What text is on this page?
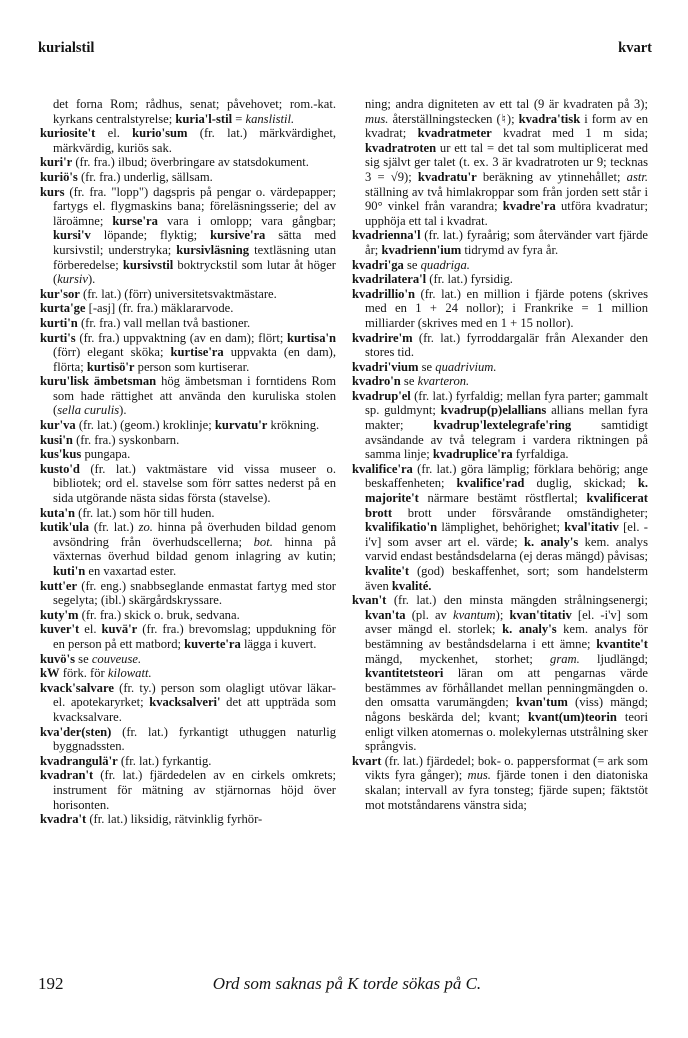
kurialstil	kvart

det forna Rom; rådhus, senat; påvehovet; rom.-kat. kyrkans centralstyrelse; kuria'l-stil = kanslistil.

kuriosite't el. kurio'sum (fr. lat.) märkvärdighet, märkvärdig, kuriös sak.

kuri'r (fr. fra.) ilbud; överbringare av statsdokument.

kuriö's (fr. fra.) underlig, sällsam.

kurs (fr. fra. "lopp") dagspris på pengar o. värdepapper; fartygs el. flygmaskins bana; föreläsningsserie; del av läroämne; kurse'ra vara i omlopp; vara gångbar; kursi'v löpande; flyktig; kursive'ra sätta med kursivstil; understryka; kursivläsning textläsning utan förberedelse; kursivstil boktryckstil som lutar åt höger (kursiv).

kur'sor (fr. lat.) (förr) universitetsvaktmästare.

kurta'ge [-asj] (fr. fra.) mäklararvode.

kurti'n (fr. fra.) vall mellan två bastioner.

kurti's (fr. fra.) uppvaktning (av en dam); flört; kurtisa'n (förr) elegant sköka; kurtise'ra uppvakta (en dam), flörta; kurtisö'r person som kurtiserar.

kuru'lisk ämbetsman hög ämbetsman i forntidens Rom som hade rättighet att använda den kuruliska stolen (sella curulis).

kur'va (fr. lat.) (geom.) kroklinje; kurvatu'r krökning.

kusi'n (fr. fra.) syskonbarn.

kus'kus pungapa.

kusto'd (fr. lat.) vaktmästare vid vissa museer o. bibliotek; ord el. stavelse som förr sattes nederst på en sida utgörande nästa sidas första (stavelse).

kuta'n (fr. lat.) som hör till huden.

kutik'ula (fr. lat.) zo. hinna på överhuden bildad genom avsöndring från överhudscellerna; bot. hinna på växternas överhud bildad genom inlagring av kutin; kuti'n en vaxartad ester.

kutt'er (fr. eng.) snabbseglande enmastat fartyg med stor segelyta; (ibl.) skärgårdskryssare.

kuty'm (fr. fra.) skick o. bruk, sedvana.

kuver't el. kuvä'r (fr. fra.) brevomslag; uppdukning för en person på ett matbord; kuverte'ra lägga i kuvert.

kuvö's se couveuse.

kW förk. för kilowatt.

kvack'salvare (fr. ty.) person som olagligt utövar läkar- el. apotekaryrket; kvacksalveri' det att uppträda som kvacksalvare.

kva'der(sten) (fr. lat.) fyrkantigt uthuggen naturlig byggnadssten.

kvadrangulä'r (fr. lat.) fyrkantig.

kvadran't (fr. lat.) fjärdedelen av en cirkels omkrets; instrument för mätning av stjärnornas höjd över horisonten.

kvadra't (fr. lat.) liksidig, rätvinklig fyrhör-

ning; andra digniteten av ett tal (9 är kvadraten på 3); mus. återställningstecken (♮); kvadra'tisk i form av en kvadrat; kvadratmeter kvadrat med 1 m sida; kvadratroten ur ett tal = det tal som multiplicerat med sig självt ger talet (t. ex. 3 är kvadratroten ur 9; tecknas 3 = √9); kvadratu'r beräkning av ytinnehållet; astr. ställning av två himlakroppar som från jorden sett står i 90° vinkel från varandra; kvadre'ra utföra kvadratur; upphöja ett tal i kvadrat.

kvadrienna'l (fr. lat.) fyraårig; som återvänder vart fjärde år; kvadrienn'ium tidrymd av fyra år.

kvadri'ga se quadriga.

kvadrilatera'l (fr. lat.) fyrsidig.

kvadrillio'n (fr. lat.) en million i fjärde potens (skrives med en 1 + 24 nollor); i Frankrike = 1 million milliarder (skrives med en 1 + 15 nollor).

kvadrire'm (fr. lat.) fyrroddargalär från Alexander den stores tid.

kvadri'vium se quadrivium.

kvadro'n se kvarteron.

kvadrup'el (fr. lat.) fyrfaldig; mellan fyra parter; gammalt sp. guldmynt; kvadrup(p)elallians allians mellan fyra makter; kvadrup'lextelegrafe'ring samtidigt avsändande av två telegram i vardera riktningen på samma linje; kvadruplice'ra fyrfaldiga.

kvalifice'ra (fr. lat.) göra lämplig; förklara behörig; ange beskaffenheten; kvalifice'rad duglig, skickad; k. majorite't närmare bestämt röstflertal; kvalificerat brott brott under försvårande omständigheter; kvalifikatio'n lämplighet, behörighet; kval'itativ [el. -i'v] som avser art el. värde; k. analy's kem. analys varvid endast beståndsdelarna (ej deras mängd) påvisas; kvalite't (god) beskaffenhet, sort; som handelsterm även kvalité.

kvan't (fr. lat.) den minsta mängden strålningsenergi; kvan'ta (pl. av kvantum); kvan'titativ [el. -i'v] som avser mängd el. storlek; k. analy's kem. analys för bestämning av beståndsdelarna i ett ämne; kvantite't mängd, myckenhet, storhet; gram. ljudlängd; kvantitetsteori läran om att pengarnas värde bestämmes av förhållandet mellan penningmängden o. den omsatta varumängden; kvan'tum (viss) mängd; någons beskärda del; kvant; kvant(um)teorin teori enligt vilken atomernas o. molekylernas utstrålning sker språngvis.

kvart (fr. lat.) fjärdedel; bok- o. pappersformat (= ark som vikts fyra gånger); mus. fjärde tonen i den diatoniska skalan; intervall av fyra tonsteg; fjärde supen; fäktstöt mot motståndarens vänstra sida;

192	Ord som saknas på K torde sökas på C.
